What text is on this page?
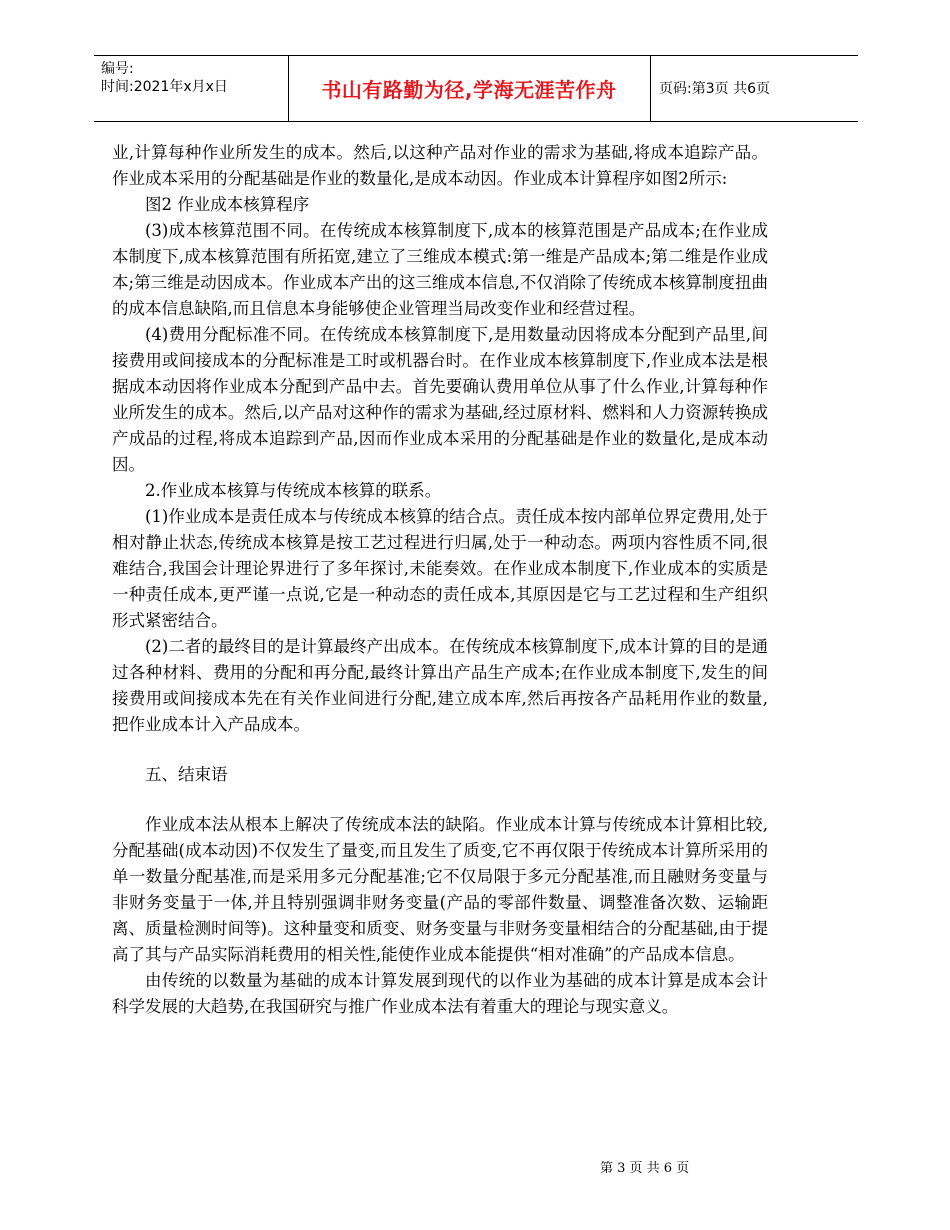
编号:
时间:2021年x月x日	书山有路勤为径,学海无涯苦作舟	页码:第3页 共6页

业,计算每种作业所发生的成本。然后,以这种产品对作业的需求为基础,将成本追踪产品。作业成本采用的分配基础是作业的数量化,是成本动因。作业成本计算程序如图2所示:

图2 作业成本核算程序

(3)成本核算范围不同。在传统成本核算制度下,成本的核算范围是产品成本;在作业成本制度下,成本核算范围有所拓宽,建立了三维成本模式:第一维是产品成本;第二维是作业成本;第三维是动因成本。作业成本产出的这三维成本信息,不仅消除了传统成本核算制度扭曲的成本信息缺陷,而且信息本身能够使企业管理当局改变作业和经营过程。

(4)费用分配标准不同。在传统成本核算制度下,是用数量动因将成本分配到产品里,间接费用或间接成本的分配标准是工时或机器台时。在作业成本核算制度下,作业成本法是根据成本动因将作业成本分配到产品中去。首先要确认费用单位从事了什么作业,计算每种作业所发生的成本。然后,以产品对这种作的需求为基础,经过原材料、燃料和人力资源转换成产成品的过程,将成本追踪到产品,因而作业成本采用的分配基础是作业的数量化,是成本动因。

2.作业成本核算与传统成本核算的联系。

(1)作业成本是责任成本与传统成本核算的结合点。责任成本按内部单位界定费用,处于相对静止状态,传统成本核算是按工艺过程进行归属,处于一种动态。两项内容性质不同,很难结合,我国会计理论界进行了多年探讨,未能奏效。在作业成本制度下,作业成本的实质是一种责任成本,更严谨一点说,它是一种动态的责任成本,其原因是它与工艺过程和生产组织形式紧密结合。

(2)二者的最终目的是计算最终产出成本。在传统成本核算制度下,成本计算的目的是通过各种材料、费用的分配和再分配,最终计算出产品生产成本;在作业成本制度下,发生的间接费用或间接成本先在有关作业间进行分配,建立成本库,然后再按各产品耗用作业的数量,把作业成本计入产品成本。

五、结束语

作业成本法从根本上解决了传统成本法的缺陷。作业成本计算与传统成本计算相比较,分配基础(成本动因)不仅发生了量变,而且发生了质变,它不再仅限于传统成本计算所采用的单一数量分配基准,而是采用多元分配基准;它不仅局限于多元分配基准,而且融财务变量与非财务变量于一体,并且特别强调非财务变量(产品的零部件数量、调整准备次数、运输距离、质量检测时间等)。这种量变和质变、财务变量与非财务变量相结合的分配基础,由于提高了其与产品实际消耗费用的相关性,能使作业成本能提供“相对准确”的产品成本信息。

由传统的以数量为基础的成本计算发展到现代的以作业为基础的成本计算是成本会计科学发展的大趋势,在我国研究与推广作业成本法有着重大的理论与现实意义。

第 3 页 共 6 页
